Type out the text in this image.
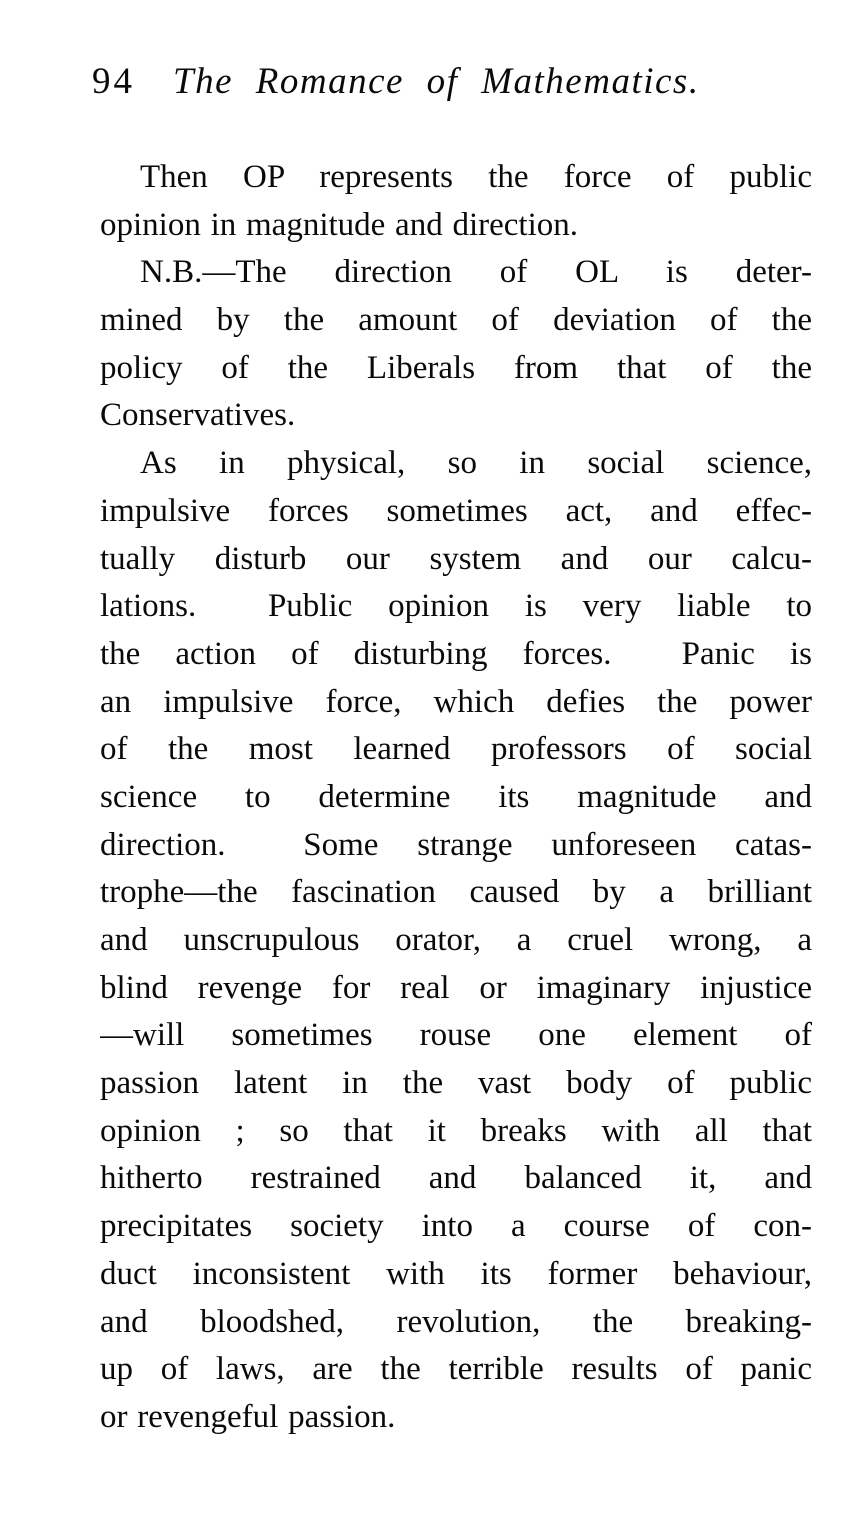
94 The Romance of Mathematics.
Then OP represents the force of public
opinion in magnitude and direction.
N.B.—The direction of OL is deter-
mined by the amount of deviation of the
policy of the Liberals from that of the
Conservatives.
As in physical, so in social science,
impulsive forces sometimes act, and effec-
tually disturb our system and our calcu-
lations.  Public opinion is very liable to
the action of disturbing forces.  Panic is
an impulsive force, which defies the power
of the most learned professors of social
science to determine its magnitude and
direction.  Some strange unforeseen catas-
trophe—the fascination caused by a brilliant
and unscrupulous orator, a cruel wrong, a
blind revenge for real or imaginary injustice
—will sometimes rouse one element of
passion latent in the vast body of public
opinion ; so that it breaks with all that
hitherto restrained and balanced it, and
precipitates society into a course of con-
duct inconsistent with its former behaviour,
and bloodshed, revolution, the breaking-
up of laws, are the terrible results of panic
or revengeful passion.
